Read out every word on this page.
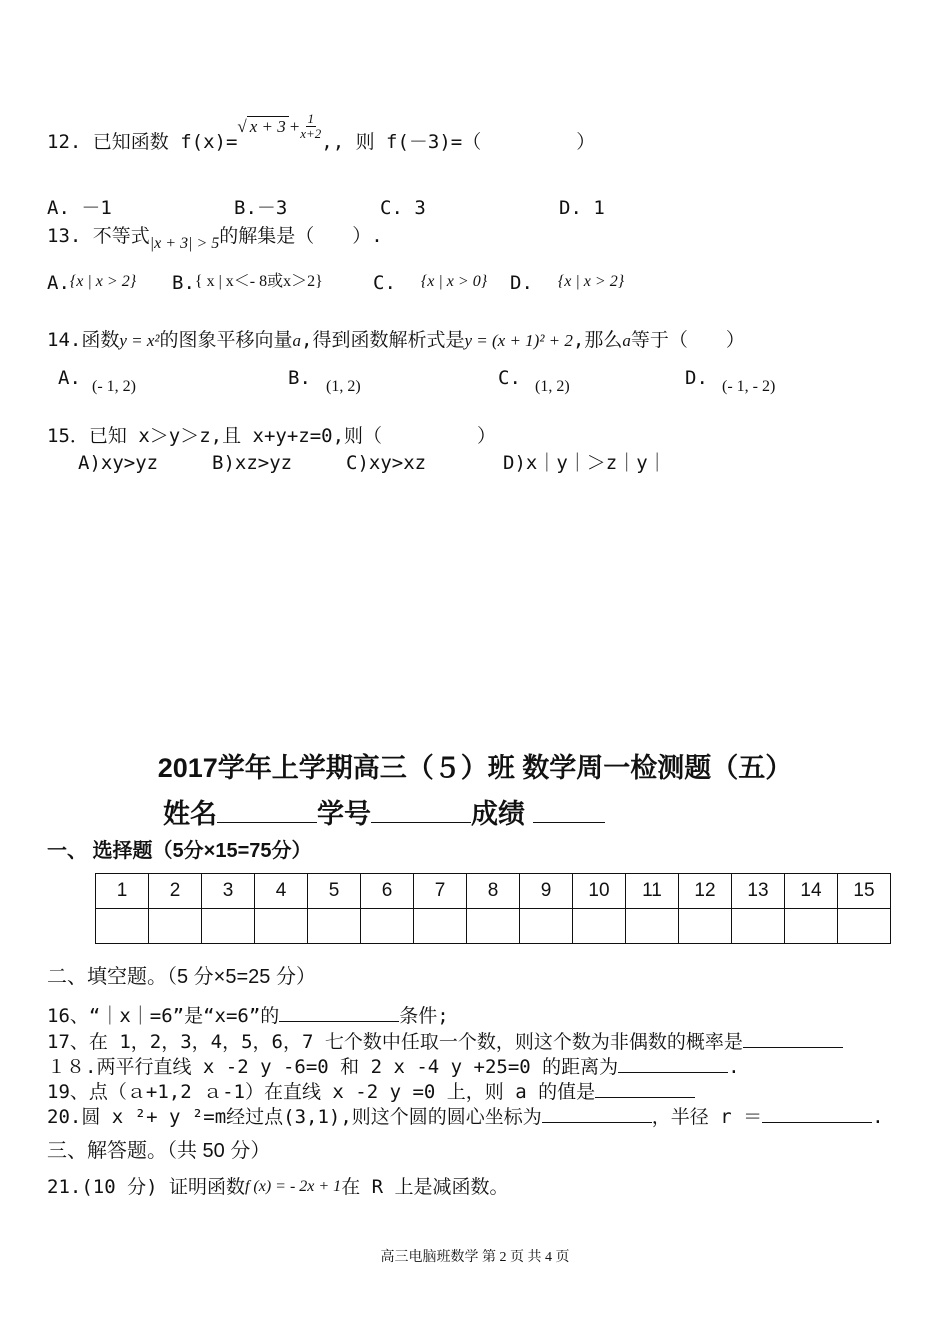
12. 已知函数 f(x)=√ $x + 3 + \frac{1}{x+2}$
,, 则 f(－3)=（	）
A. －1	B.－3	C. 3	D. 1
13. 不等式$_{|x + 3| > 5}$的解集是（　　）.
A.{x | x > 2} B.{ x | x＜- 8或x＞2}	C. {x | x > 0} D. {x | x > 2}
14.函数y = x²的图象平移向量a,得到函数解析式是y = (x + 1)² + 2,那么a等于（　　）
A. (- 1, 2)	B. (1, 2)	C. (1, 2)	D. (- 1, - 2)
15．已知 x＞y＞z,且 x+y+z=0,则（　　　　　）
A)xy>yz	B)xz>yz	C)xy>xz	D)x｜y｜＞z｜y｜
2017学年上学期高三（５）班 数学周一检测题（五）
姓名	学号	成绩
一、 选择题（5分×15=75分）
1	2	3	4	5	6	7	8	9	10	11	12	13	14	15

二、填空题。（5 分×5=25 分）
16、“｜x｜=6”是“x=6”的	条件;
17、在 1，2，3，4，5，6，7 七个数中任取一个数，则这个数为非偶数的概率是
１８.两平行直线 x -2 y -6=0 和 2 x -4 y +25=0 的距离为	.
19、点（ａ+1,2 ａ-1）在直线 x -2 y =0 上，则 a 的值是
20.圆 x ²+ y ²=m经过点(3,1),则这个圆的圆心坐标为	，半径 r ＝	.
三、解答题。（共 50 分）
21.(10 分) 证明函数f (x) = - 2x + 1在 R 上是减函数。
高三电脑班数学 第 2 页 共 4 页
